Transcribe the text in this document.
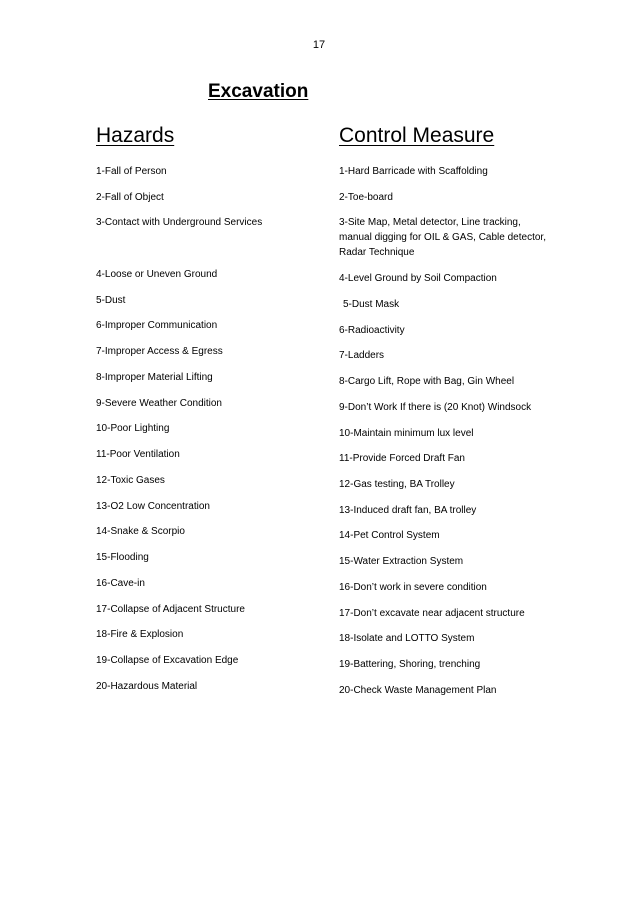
17
Excavation
Hazards	Control Measure
1-Fall of Person
2-Fall of Object
3-Contact with Underground Services
4-Loose or Uneven Ground
5-Dust
6-Improper Communication
7-Improper Access & Egress
8-Improper Material Lifting
9-Severe Weather Condition
10-Poor Lighting
11-Poor Ventilation
12-Toxic Gases
13-O2 Low Concentration
14-Snake & Scorpio
15-Flooding
16-Cave-in
17-Collapse of Adjacent Structure
18-Fire & Explosion
19-Collapse of Excavation Edge
20-Hazardous Material
1-Hard Barricade with Scaffolding
2-Toe-board
3-Site Map, Metal detector, Line tracking,
manual digging for OIL & GAS, Cable detector,
Radar Technique
4-Level Ground by Soil Compaction
5-Dust Mask
6-Radioactivity
7-Ladders
8-Cargo Lift, Rope with Bag, Gin Wheel
9-Don’t Work If there is (20 Knot) Windsock
10-Maintain minimum lux level
11-Provide Forced Draft Fan
12-Gas testing, BA Trolley
13-Induced draft fan, BA trolley
14-Pet Control System
15-Water Extraction System
16-Don’t work in severe condition
17-Don’t excavate near adjacent structure
18-Isolate and LOTTO System
19-Battering, Shoring, trenching
20-Check Waste Management Plan
